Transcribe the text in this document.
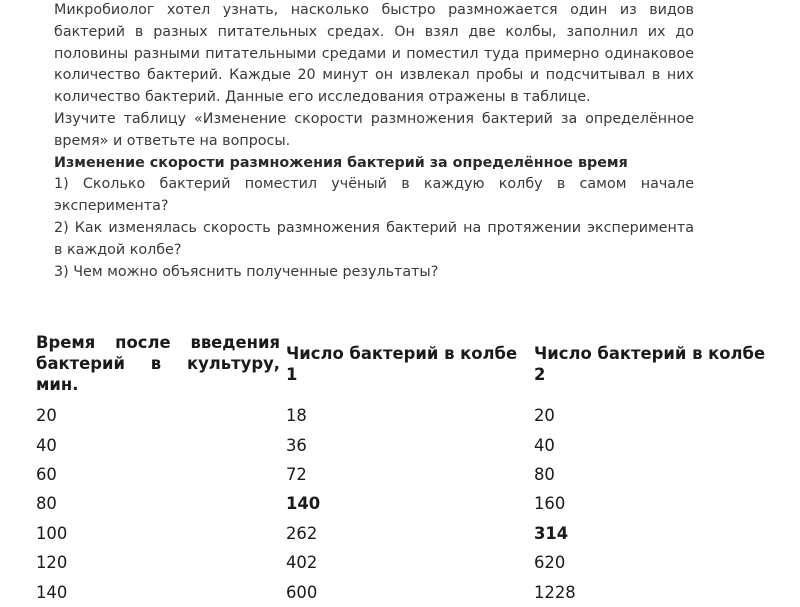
Микробиолог хотел узнать, насколько быстро размножается один из видов бактерий в разных питательных средах. Он взял две колбы, заполнил их до половины разными питательными средами и поместил туда примерно одинаковое количество бактерий. Каждые 20 минут он извлекал пробы и подсчитывал в них количество бактерий. Данные его исследования отражены в таблице.

Изучите таблицу «Изменение скорости размножения бактерий за определённое время» и ответьте на вопросы.

Изменение скорости размножения бактерий за определённое время

1) Сколько бактерий поместил учёный в каждую колбу в самом начале эксперимента?

2) Как изменялась скорость размножения бактерий на протяжении эксперимента в каждой колбе?

3) Чем можно объяснить полученные результаты?

Время после введения бактерий в культуру, мин.	Число бактерий в колбе 1	Число бактерий в колбе 2
20	18	20
40	36	40
60	72	80
80	140	160
100	262	314
120	402	620
140	600	1228
